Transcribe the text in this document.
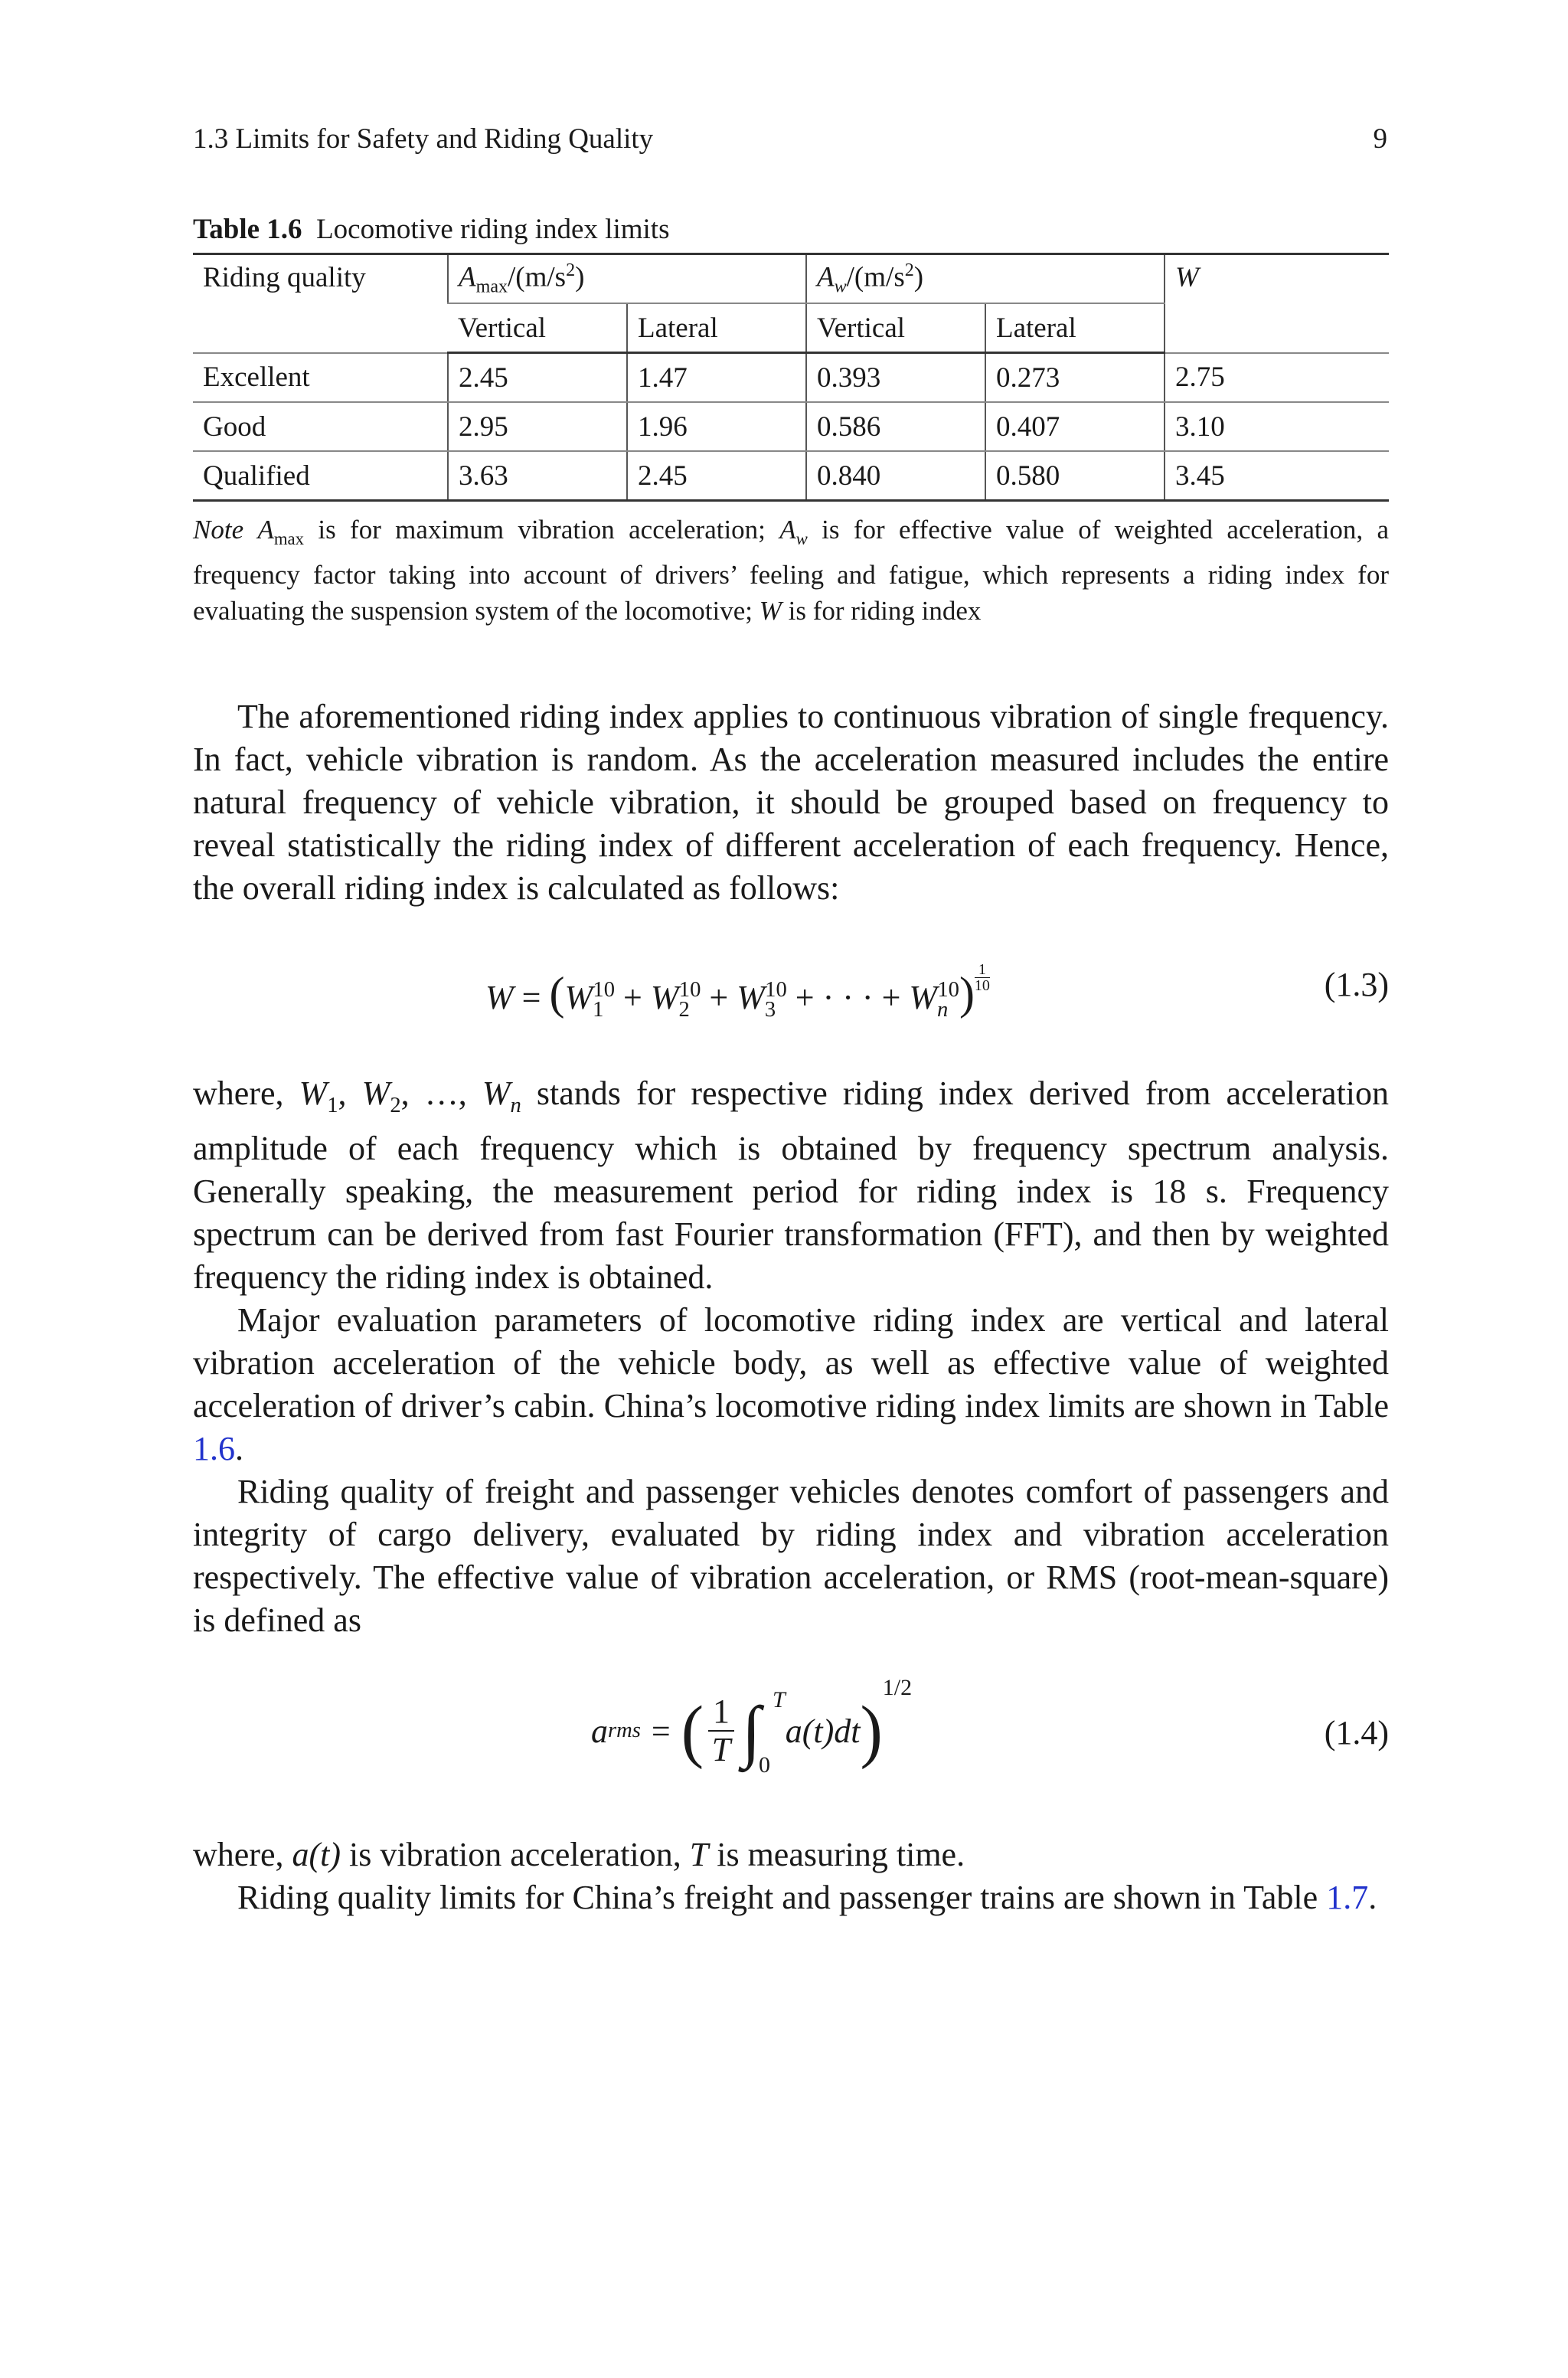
1.3 Limits for Safety and Riding Quality	9
Table 1.6 Locomotive riding index limits
Riding quality	$A_{max}/(m/s^2)$		$A_w/(m/s^2)$		W
	Vertical	Lateral	Vertical	Lateral	
Excellent	2.45	1.47	0.393	0.273	2.75
Good	2.95	1.96	0.586	0.407	3.10
Qualified	3.63	2.45	0.840	0.580	3.45
Note $A_{max}$ is for maximum vibration acceleration; $A_w$ is for effective value of weighted acceleration, a frequency factor taking into account of drivers’ feeling and fatigue, which represents a riding index for evaluating the suspension system of the locomotive; W is for riding index

The aforementioned riding index applies to continuous vibration of single frequency. In fact, vehicle vibration is random. As the acceleration measured includes the entire natural frequency of vehicle vibration, it should be grouped based on frequency to reveal statistically the riding index of different acceleration of each frequency. Hence, the overall riding index is calculated as follows:

$W = (W_1^{10} + W_2^{10} + W_3^{10}$ + · · · + $W_n^{10}) \frac{1}{10}$	(1.3)

where, $W_1$, $W_2$, …, $W_n$ stands for respective riding index derived from acceleration amplitude of each frequency which is obtained by frequency spectrum analysis. Generally speaking, the measurement period for riding index is 18 s. Frequency spectrum can be derived from fast Fourier transformation (FFT), and then by weighted frequency the riding index is obtained.

Major evaluation parameters of locomotive riding index are vertical and lateral vibration acceleration of the vehicle body, as well as effective value of weighted acceleration of driver’s cabin. China’s locomotive riding index limits are shown in Table 1.6.

Riding quality of freight and passenger vehicles denotes comfort of passengers and integrity of cargo delivery, evaluated by riding index and vibration acceleration respectively. The effective value of vibration acceleration, or RMS (root-mean-square) is defined as

a rms = ( $\frac{1}{T}$ ∫ T
0
a(t)dt )
$^{1/2}$
(1.4)

where, a(t) is vibration acceleration, T is measuring time.

Riding quality limits for China’s freight and passenger trains are shown in Table 1.7.
